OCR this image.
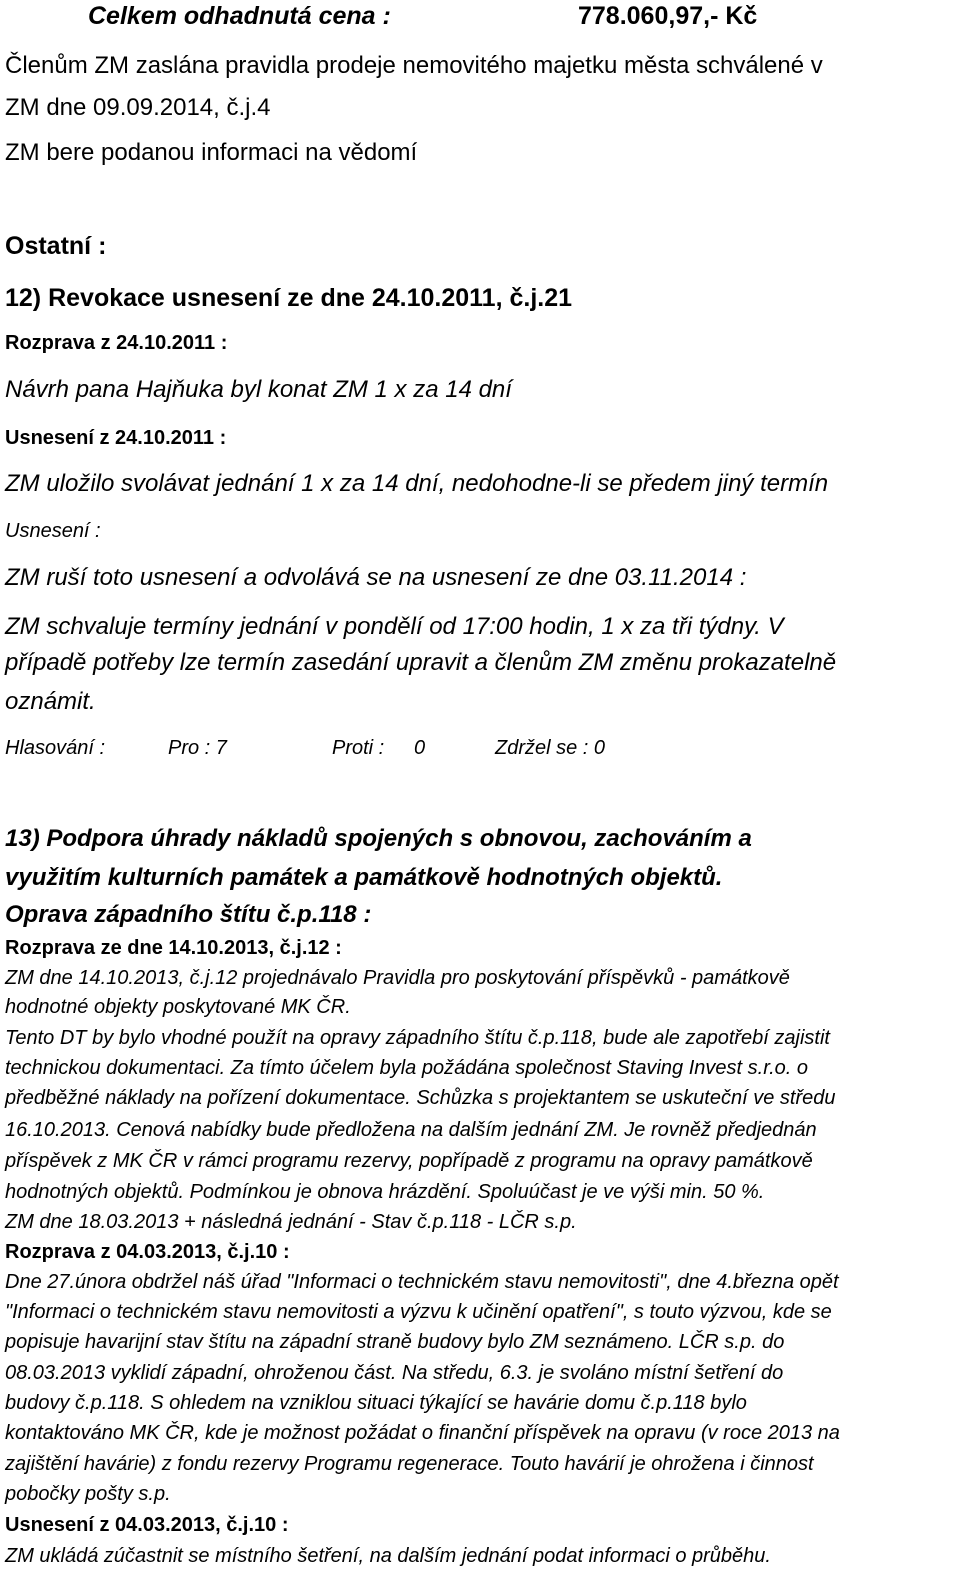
Celkem odhadnutá cena :	778.060,97,- Kč
Členům ZM zaslána pravidla prodeje nemovitého majetku města schválené v
ZM dne 09.09.2014, č.j.4
ZM bere podanou informaci na vědomí
Ostatní :
12) Revokace usnesení ze dne 24.10.2011, č.j.21
Rozprava z 24.10.2011 :
Návrh pana Hajňuka byl konat ZM 1 x za 14 dní
Usnesení z 24.10.2011 :
ZM uložilo svolávat jednání 1 x za 14 dní, nedohodne-li se předem jiný termín
Usnesení :
ZM ruší toto usnesení a odvolává se na usnesení ze dne 03.11.2014 :
ZM schvaluje termíny jednání v pondělí od 17:00 hodin, 1 x za tři týdny. V
případě potřeby lze termín zasedání upravit a členům ZM změnu prokazatelně
oznámit.
Hlasování :	Pro : 7	Proti : 0	Zdržel se : 0
13) Podpora úhrady nákladů spojených s obnovou, zachováním a
využitím kulturních památek a památkově hodnotných objektů.
Oprava západního štítu č.p.118 :
Rozprava ze dne 14.10.2013, č.j.12 :
ZM dne 14.10.2013, č.j.12 projednávalo Pravidla pro poskytování příspěvků - památkově
hodnotné objekty poskytované MK ČR.
Tento DT by bylo vhodné použít na opravy západního štítu č.p.118, bude ale zapotřebí zajistit
technickou dokumentaci. Za tímto účelem byla požádána společnost Staving Invest s.r.o. o
předběžné náklady na pořízení dokumentace. Schůzka s projektantem se uskuteční ve středu
16.10.2013. Cenová nabídky bude předložena na dalším jednání ZM. Je rovněž předjednán
příspěvek z MK ČR v rámci programu rezervy, popřípadě z programu na opravy památkově
hodnotných objektů. Podmínkou je obnova hrázdění. Spoluúčast je ve výši min. 50 %.
ZM dne 18.03.2013 + následná jednání - Stav č.p.118 - LČR s.p.
Rozprava z 04.03.2013, č.j.10 :
Dne 27.února obdržel náš úřad "Informaci o technickém stavu nemovitosti", dne 4.března opět
"Informaci o technickém stavu nemovitosti a výzvu k učinění opatření", s touto výzvou, kde se
popisuje havarijní stav štítu na západní straně budovy bylo ZM seznámeno. LČR s.p. do
08.03.2013 vyklidí západní, ohroženou část. Na středu, 6.3. je svoláno místní šetření do
budovy č.p.118. S ohledem na vzniklou situaci týkající se havárie domu č.p.118 bylo
kontaktováno MK ČR, kde je možnost požádat o finanční příspěvek na opravu (v roce 2013 na
zajištění havárie) z fondu rezervy Programu regenerace. Touto havárií je ohrožena i činnost
pobočky pošty s.p.
Usnesení z 04.03.2013, č.j.10 :
ZM ukládá zúčastnit se místního šetření, na dalším jednání podat informaci o průběhu.
